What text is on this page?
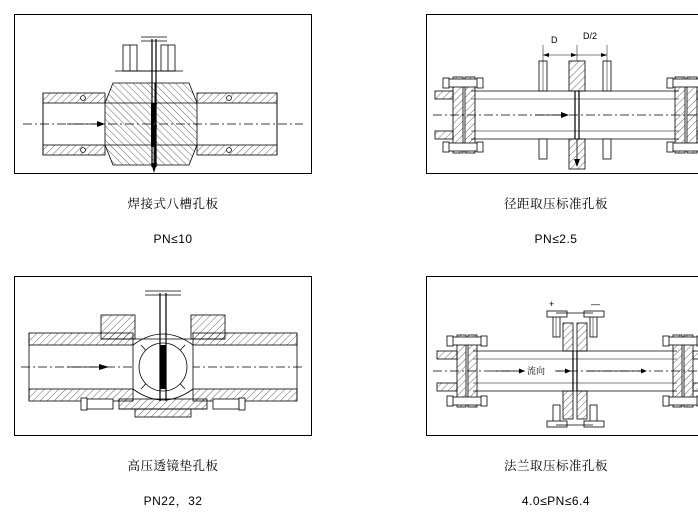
焊接式八槽孔板
PN≤10
D	D/2
径距取压标准孔板
PN≤2.5
高压透镜垫孔板
PN22，32
+	—
流向
法兰取压标准孔板
4.0≤PN≤6.4
